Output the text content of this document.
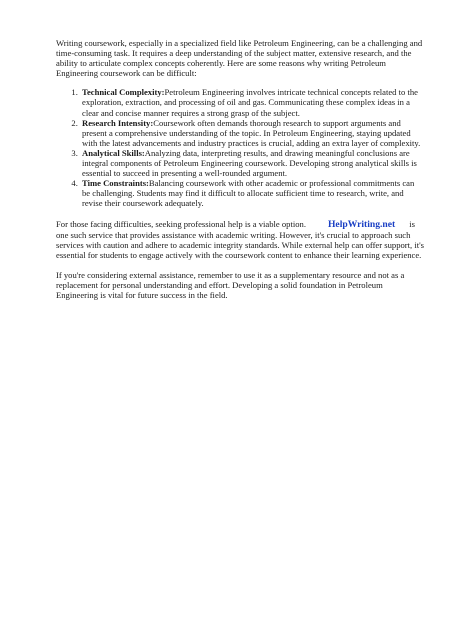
Writing coursework, especially in a specialized field like Petroleum Engineering, can be a challenging and time-consuming task. It requires a deep understanding of the subject matter, extensive research, and the ability to articulate complex concepts coherently. Here are some reasons why writing Petroleum Engineering coursework can be difficult:

1. Technical Complexity:Petroleum Engineering involves intricate technical concepts related to the exploration, extraction, and processing of oil and gas. Communicating these complex ideas in a clear and concise manner requires a strong grasp of the subject.
2. Research Intensity:Coursework often demands thorough research to support arguments and present a comprehensive understanding of the topic. In Petroleum Engineering, staying updated with the latest advancements and industry practices is crucial, adding an extra layer of complexity.
3. Analytical Skills:Analyzing data, interpreting results, and drawing meaningful conclusions are integral components of Petroleum Engineering coursework. Developing strong analytical skills is essential to succeed in presenting a well-rounded argument.
4. Time Constraints:Balancing coursework with other academic or professional commitments can be challenging. Students may find it difficult to allocate sufficient time to research, write, and revise their coursework adequately.

For those facing difficulties, seeking professional help is a viable option. HelpWriting.net is one such service that provides assistance with academic writing. However, it's crucial to approach such services with caution and adhere to academic integrity standards. While external help can offer support, it's essential for students to engage actively with the coursework content to enhance their learning experience.

If you're considering external assistance, remember to use it as a supplementary resource and not as a replacement for personal understanding and effort. Developing a solid foundation in Petroleum Engineering is vital for future success in the field.
